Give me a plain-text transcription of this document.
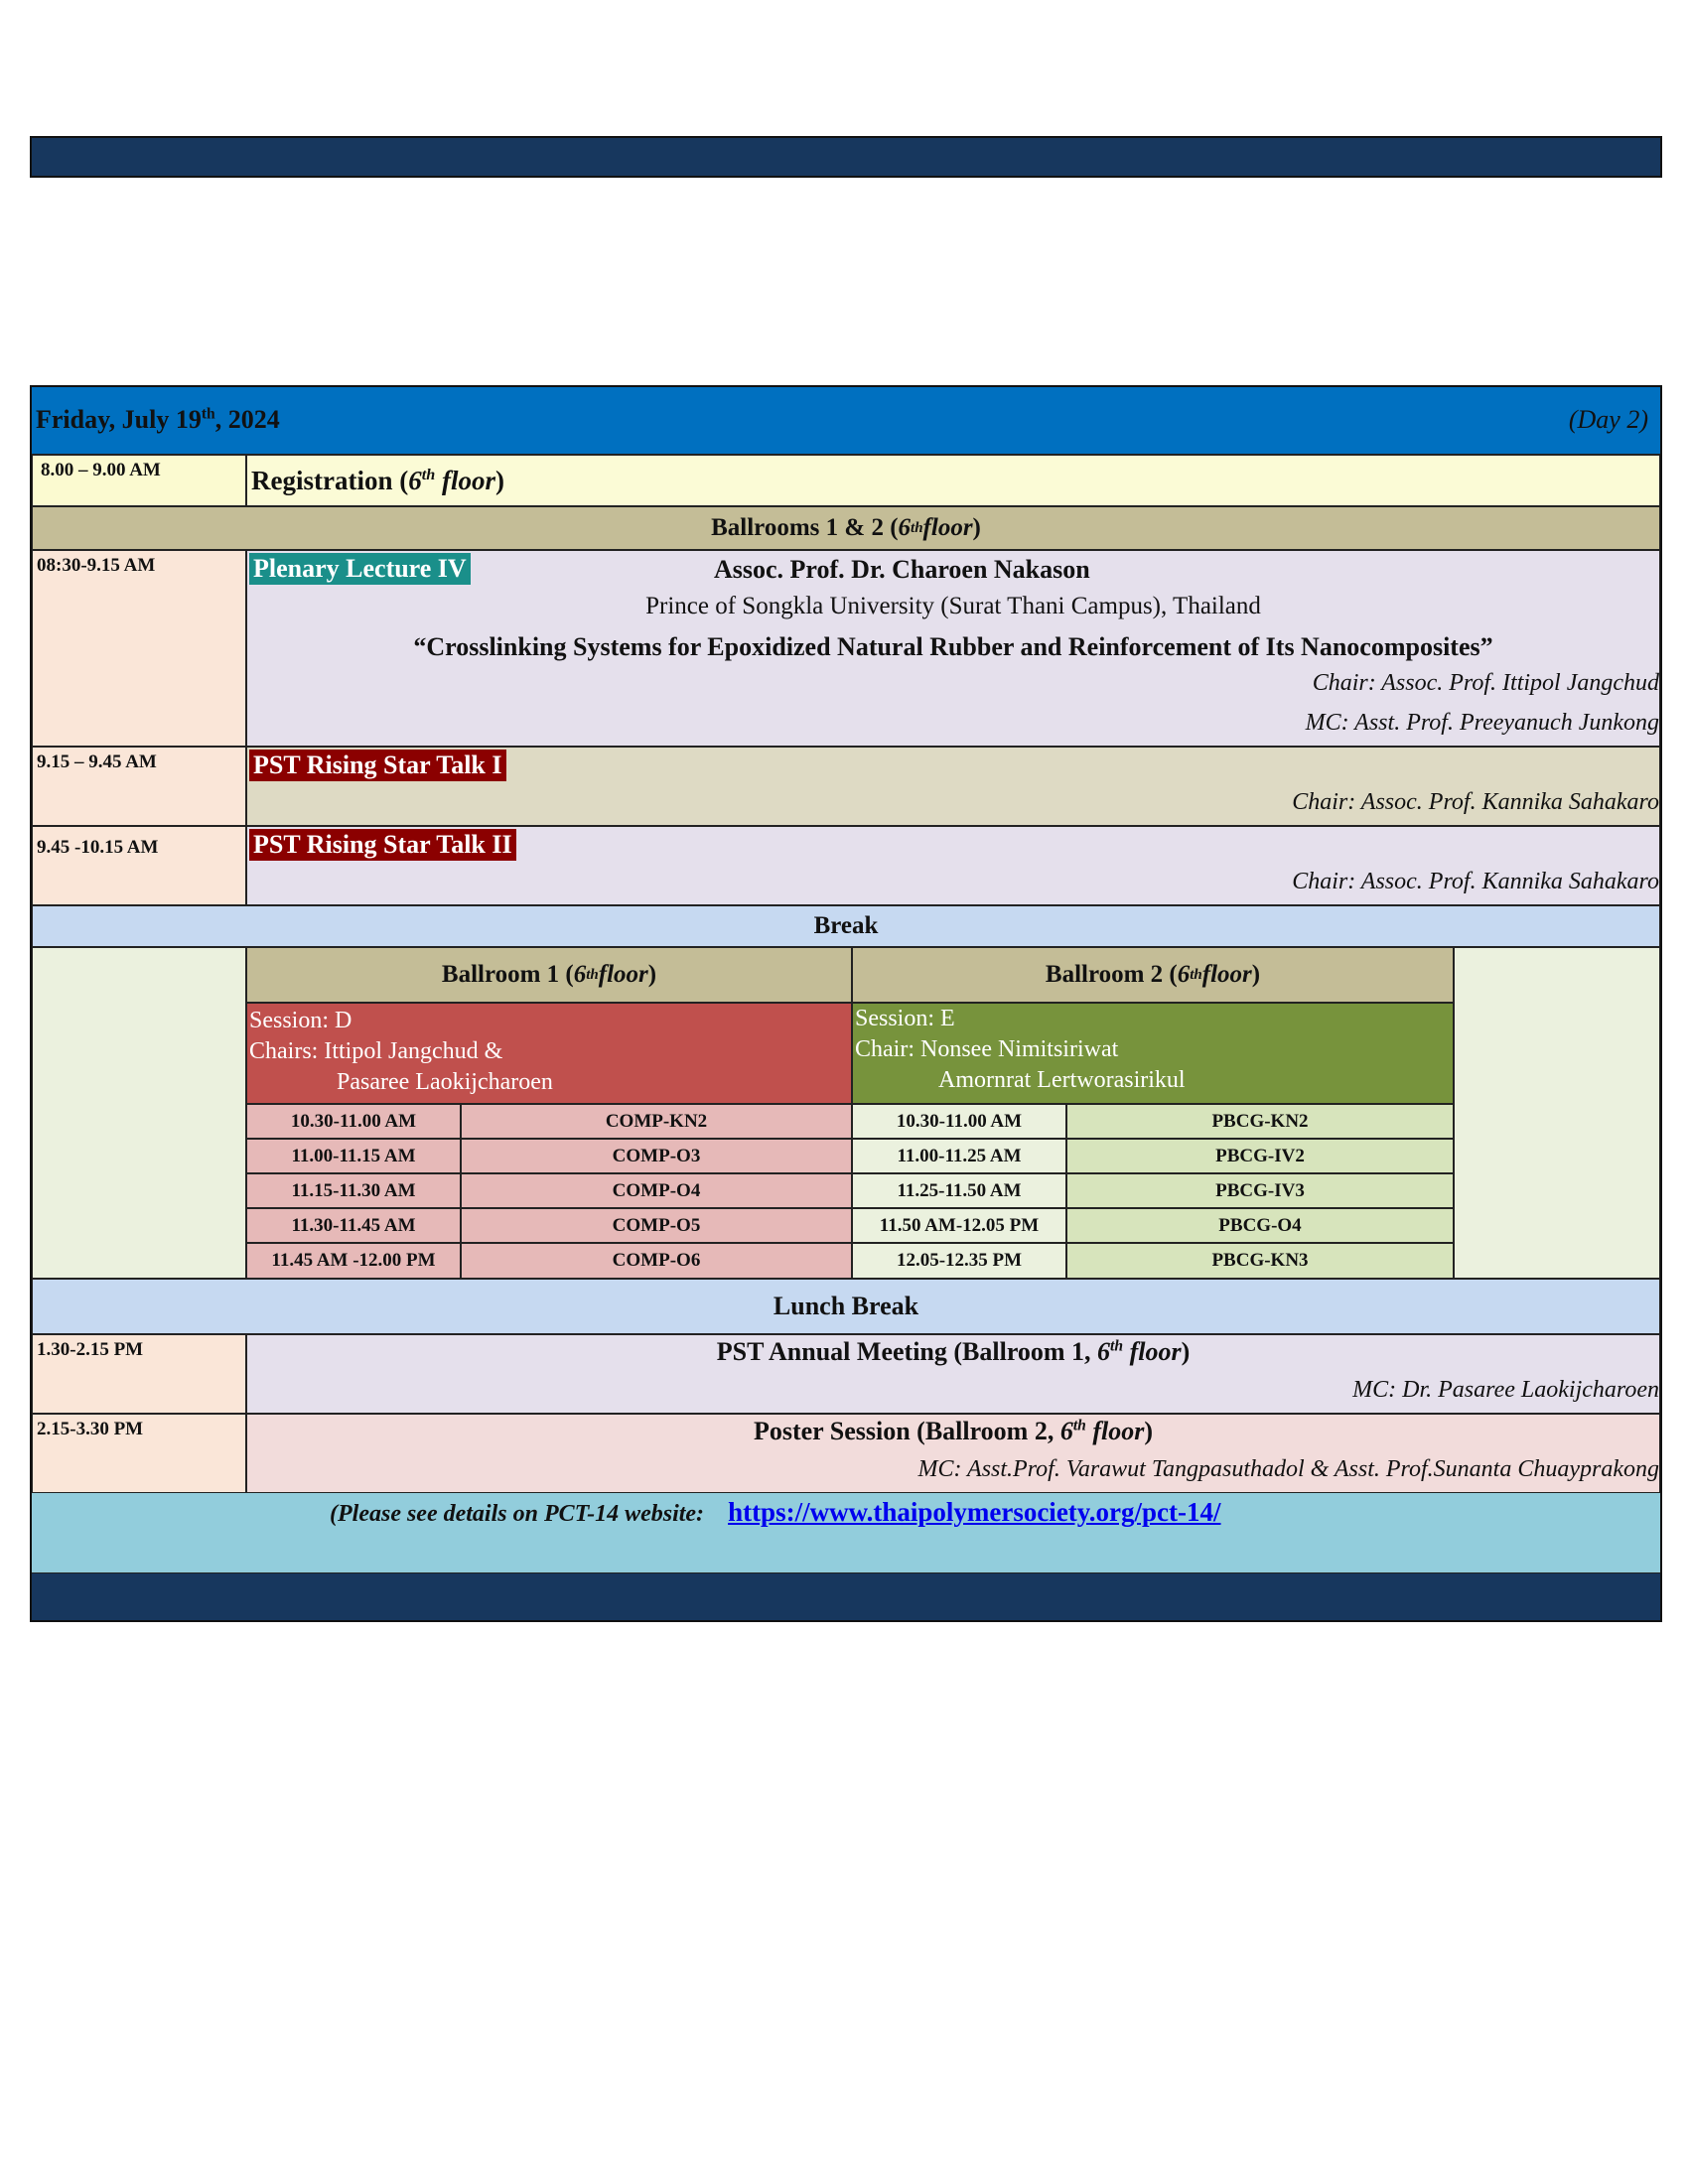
Friday, July 19th, 2024	(Day 2)
8.00 – 9.00 AM	Registration (6th floor)
Ballrooms 1 & 2 ( 6 th floor )
08:30-9.15 AM	Plenary Lecture IV	Assoc. Prof. Dr. Charoen Nakason
Prince of Songkla University (Surat Thani Campus), Thailand
“Crosslinking Systems for Epoxidized Natural Rubber and Reinforcement of Its Nanocomposites”
Chair: Assoc. Prof. Ittipol Jangchud
MC: Asst. Prof. Preeyanuch Junkong
9.15 – 9.45 AM	PST Rising Star Talk I
Chair: Assoc. Prof. Kannika Sahakaro
9.45 -10.15 AM	PST Rising Star Talk II
Chair: Assoc. Prof. Kannika Sahakaro
Break
Ballroom 1 ( 6 th floor )
Session: D
Chairs: Ittipol Jangchud &
Pasaree Laokijcharoen
10.30-11.00 AM	COMP-KN2
11.00-11.15 AM	COMP-O3
11.15-11.30 AM	COMP-O4
11.30-11.45 AM	COMP-O5
11.45 AM -12.00 PM	COMP-O6
Ballroom 2 ( 6 th floor )
Session: E
Chair: Nonsee Nimitsiriwat
Amornrat Lertworasirikul
10.30-11.00 AM	PBCG-KN2
11.00-11.25 AM	PBCG-IV2
11.25-11.50 AM	PBCG-IV3
11.50 AM-12.05 PM	PBCG-O4
12.05-12.35 PM	PBCG-KN3
Lunch Break
1.30-2.15 PM	PST Annual Meeting (Ballroom 1, 6th floor)
MC: Dr. Pasaree Laokijcharoen
2.15-3.30 PM	Poster Session (Ballroom 2, 6th floor)
MC: Asst.Prof. Varawut Tangpasuthadol & Asst. Prof.Sunanta Chuayprakong
(Please see details on PCT-14 website: https://www.thaipolymersociety.org/pct-14/
